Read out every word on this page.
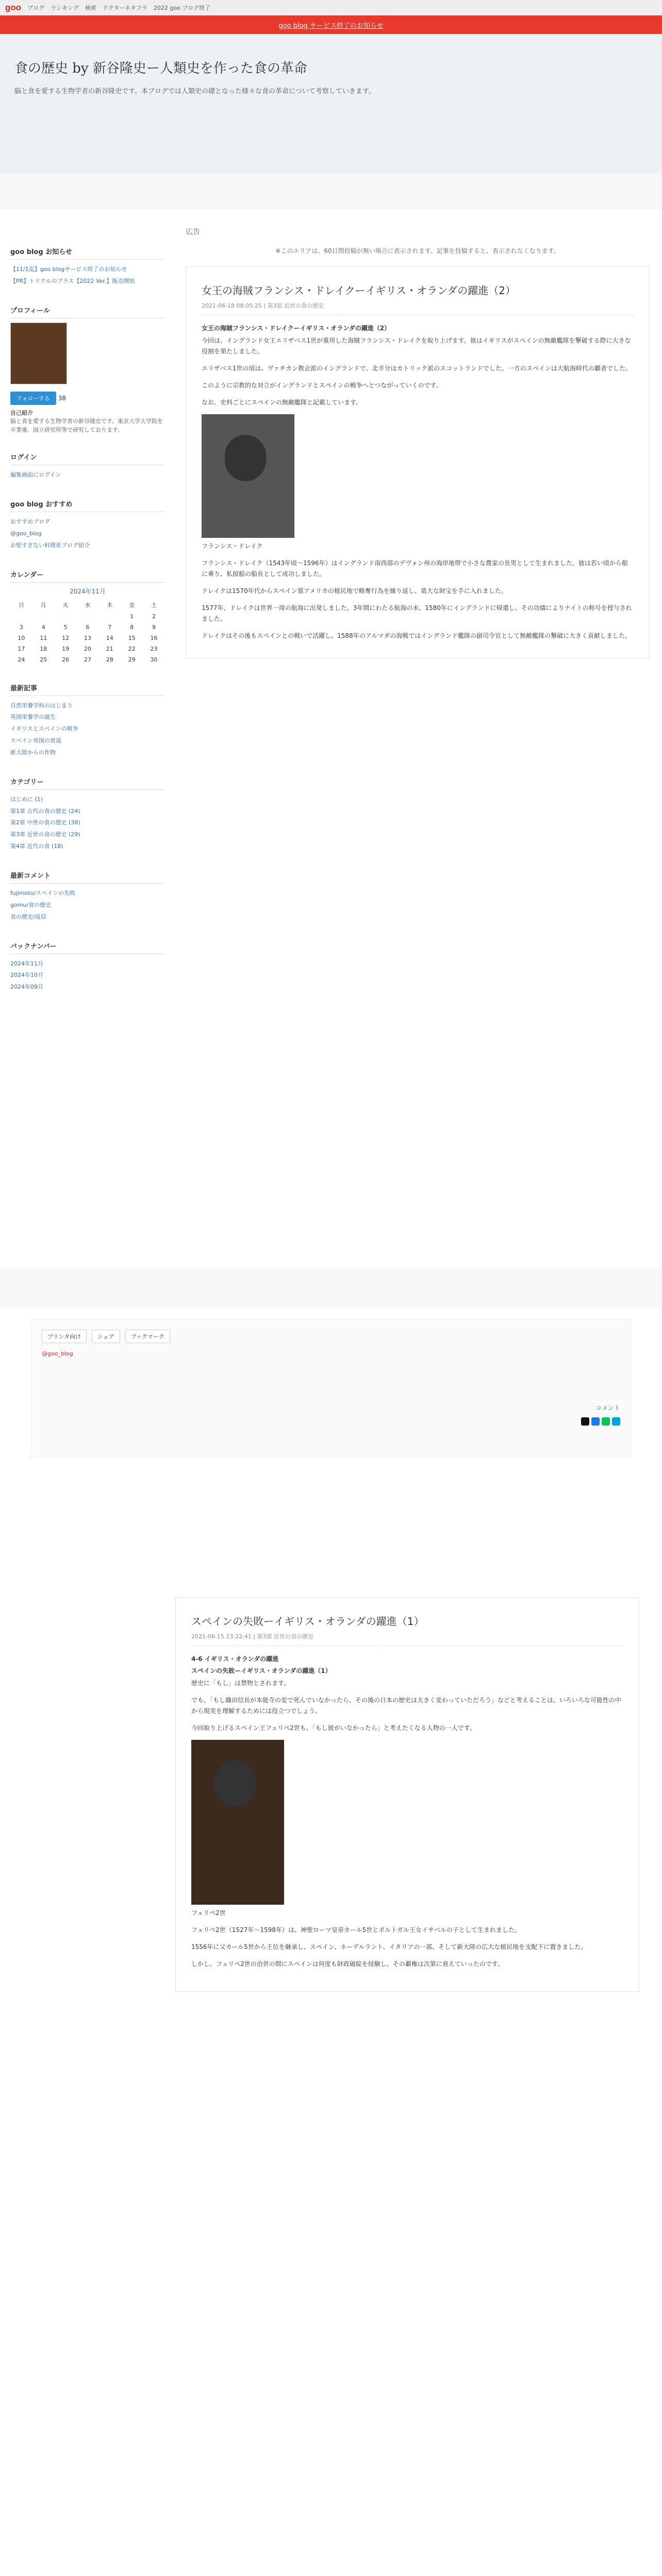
goo ブログ ランキング 検索 ドクターネタフラ 2022 goo ブログ終了
goo blog サービス終了のお知らせ
食の歴史 by 新谷隆史ー人類史を作った食の革命
脳と食を愛する生物学者の新谷隆史です。本ブログでは人類史の礎となった様々な食の革命について考察していきます。
goo blog お知らせ
【11/1迄】goo blogサービス終了のお知らせ
【PR】トリクルのプラス【2022 Ver.】販売開始
プロフィール
フォローする 38
自己紹介
脳と食を愛する生物学者の新谷隆史です。東京大学大学院を卒業後、国立研究所等で研究しております。
ログイン
編集画面にログイン
goo blog おすすめ
おすすめブログ
@goo_blog
お堅すぎない料理系ブログ紹介
カレンダー
2024年11月
日	月	火	水	木	金	土
					1	2
3	4	5	6	7	8	9
10	11	12	13	14	15	16
17	18	19	20	21	22	23
24	25	26	27	28	29	30
最新記事
自然栄養学科のはじまり
英国栄養学の誕生
イギリスとスペインの戦争
スペイン帝国の衰退
新大陸からの作物
カテゴリー
はじめに (1)
第1章 古代の食の歴史 (24)
第2章 中世の食の歴史 (38)
第3章 近世の食の歴史 (29)
第4章 近代の食 (18)
最新コメント
fujimoto/スペインの失敗
gomu/食の歴史
食の歴史/返信
バックナンバー
2024年11月
2024年10月
2024年09月
広告
※このエリアは、60日間投稿が無い場合に表示されます。記事を投稿すると、表示されなくなります。
女王の海賊フランシス・ドレイクーイギリス・オランダの躍進（2）
2021-06-18 08:05:25 | 第3部 近世の食の歴史
女王の海賊フランシス・ドレイクーイギリス・オランダの躍進（2）

今回は、イングランド女王エリザベス1世が重用した海賊フランシス・ドレイクを取り上げます。彼はイギリスがスペインの無敵艦隊を撃破する際に大きな役割を果たしました。

エリザベス1世の頃は、ヴァチカン教会派のイングランドで、北半分はカトリック派のスコットランドでした。一方のスペインは大航海時代の覇者でした。

このように宗教的な対立がイングランドとスペインの戦争へとつながっていくのです。

なお、史料ごとにスペインの無敵艦隊と記載しています。

フランシス・ドレイク

フランシス・ドレイク（1543年頃～1596年）はイングランド南西部のデヴォン州の海岸地帯で小さな農家の長男として生まれました。彼は若い頃から船に乗り、私掠船の船長として成功しました。

ドレイクは1570年代からスペイン領アメリカの植民地で略奪行為を繰り返し、莫大な財宝を手に入れました。

1577年、ドレイクは世界一周の航海に出発しました。3年間にわたる航海の末、1580年にイングランドに帰還し、その功績によりナイトの称号を授与されました。

ドレイクはその後もスペインとの戦いで活躍し、1588年のアルマダの海戦ではイングランド艦隊の副司令官として無敵艦隊の撃破に大きく貢献しました。

プリンタ向け	シェア	ブックマーク
@goo_blog
コメント
スペインの失敗ーイギリス・オランダの躍進（1）
2021-06-15 23:22:41 | 第3部 近世の食の歴史
4-6 イギリス・オランダの躍進
スペインの失敗ーイギリス・オランダの躍進（1）

歴史に「もし」は禁物とされます。

でも、「もし織田信長が本能寺の変で死んでいなかったら、その後の日本の歴史は大きく変わっていただろう」などと考えることは、いろいろな可能性の中から現実を理解するためには役立つでしょう。

今回取り上げるスペイン王フェリペ2世も、「もし彼がいなかったら」と考えたくなる人物の一人です。

フェリペ2世

フェリペ2世（1527年～1598年）は、神聖ローマ皇帝カール5世とポルトガル王女イサベルの子として生まれました。

1556年に父カール5世から王位を継承し、スペイン、ネーデルラント、イタリアの一部、そして新大陸の広大な植民地を支配下に置きました。

しかし、フェリペ2世の治世の間にスペインは何度も財政破綻を経験し、その覇権は次第に衰えていったのです。
